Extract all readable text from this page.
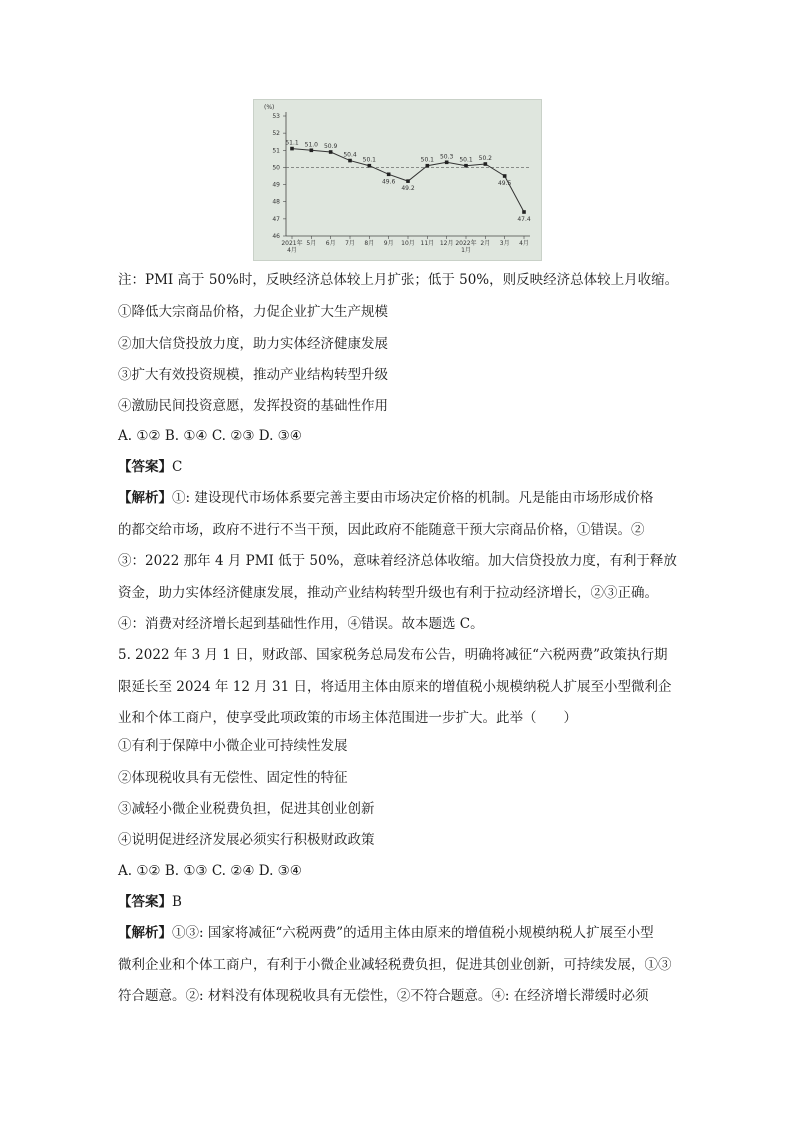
(%)
53
52
51
50
49
48
47
46
2021年
4月
5月 6月 7月 8月 9月 10月 11月 12月 2022年
1月
2月 3月 4月
51.1 51.0 50.9
50.4
50.1
49.6
49.2
50.1 50.3 50.1 50.2
49.5
47.4
注：PMI 高于 50%时，反映经济总体较上月扩张；低于 50%，则反映经济总体较上月收缩。
①降低大宗商品价格，力促企业扩大生产规模
②加大信贷投放力度，助力实体经济健康发展
③扩大有效投资规模，推动产业结构转型升级
④激励民间投资意愿，发挥投资的基础性作用
A. ①② B. ①④ C. ②③ D. ③④
【答案】C
【解析】①: 建设现代市场体系要完善主要由市场决定价格的机制。凡是能由市场形成价格
的都交给市场，政府不进行不当干预，因此政府不能随意干预大宗商品价格，①错误。②
③：2022 那年 4 月 PMI 低于 50%，意味着经济总体收缩。加大信贷投放力度，有利于释放
资金，助力实体经济健康发展，推动产业结构转型升级也有利于拉动经济增长，②③正确。
④：消费对经济增长起到基础性作用，④错误。故本题选 C。
5. 2022 年 3 月 1 日，财政部、国家税务总局发布公告，明确将减征“六税两费”政策执行期
限延长至 2024 年 12 月 31 日，将适用主体由原来的增值税小规模纳税人扩展至小型微利企
业和个体工商户，使享受此项政策的市场主体范围进一步扩大。此举（　　）
①有利于保障中小微企业可持续性发展
②体现税收具有无偿性、固定性的特征
③减轻小微企业税费负担，促进其创业创新
④说明促进经济发展必须实行积极财政政策
A. ①② B. ①③ C. ②④ D. ③④
【答案】B
【解析】①③: 国家将减征“六税两费”的适用主体由原来的增值税小规模纳税人扩展至小型
微利企业和个体工商户，有利于小微企业减轻税费负担，促进其创业创新，可持续发展，①③
符合题意。②: 材料没有体现税收具有无偿性，②不符合题意。④: 在经济增长滞缓时必须
